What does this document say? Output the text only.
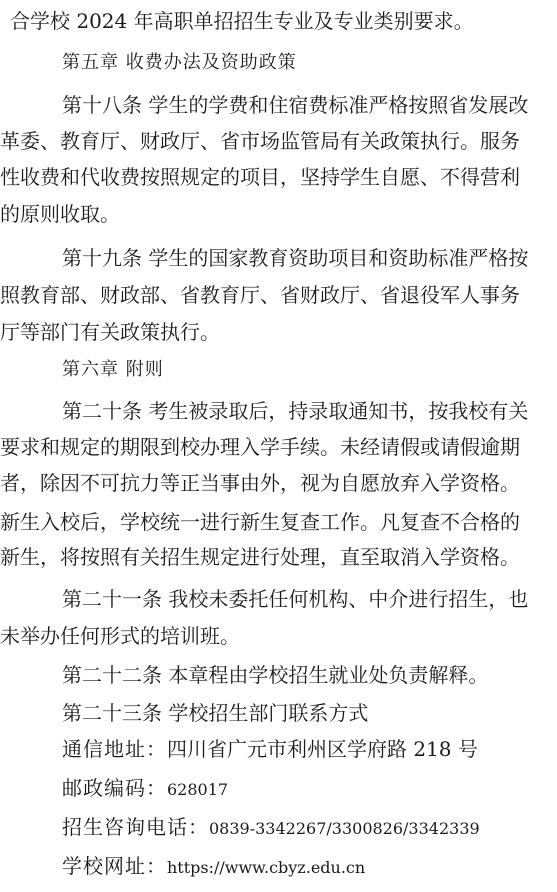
合学校 2024 年高职单招招生专业及专业类别要求。
第五章 收费办法及资助政策
第十八条 学生的学费和住宿费标准严格按照省发展改
革委、教育厅、财政厅、省市场监管局有关政策执行。服务
性收费和代收费按照规定的项目，坚持学生自愿、不得营利
的原则收取。
第十九条 学生的国家教育资助项目和资助标准严格按
照教育部、财政部、省教育厅、省财政厅、省退役军人事务
厅等部门有关政策执行。
第六章 附则
第二十条 考生被录取后，持录取通知书，按我校有关
要求和规定的期限到校办理入学手续。未经请假或请假逾期
者，除因不可抗力等正当事由外，视为自愿放弃入学资格。
新生入校后，学校统一进行新生复查工作。凡复查不合格的
新生，将按照有关招生规定进行处理，直至取消入学资格。
第二十一条 我校未委托任何机构、中介进行招生，也
未举办任何形式的培训班。
第二十二条 本章程由学校招生就业处负责解释。
第二十三条 学校招生部门联系方式
通信地址：四川省广元市利州区学府路 218 号
邮政编码：628017
招生咨询电话：0839-3342267/3300826/3342339
学校网址：https://www.cbyz.edu.cn
